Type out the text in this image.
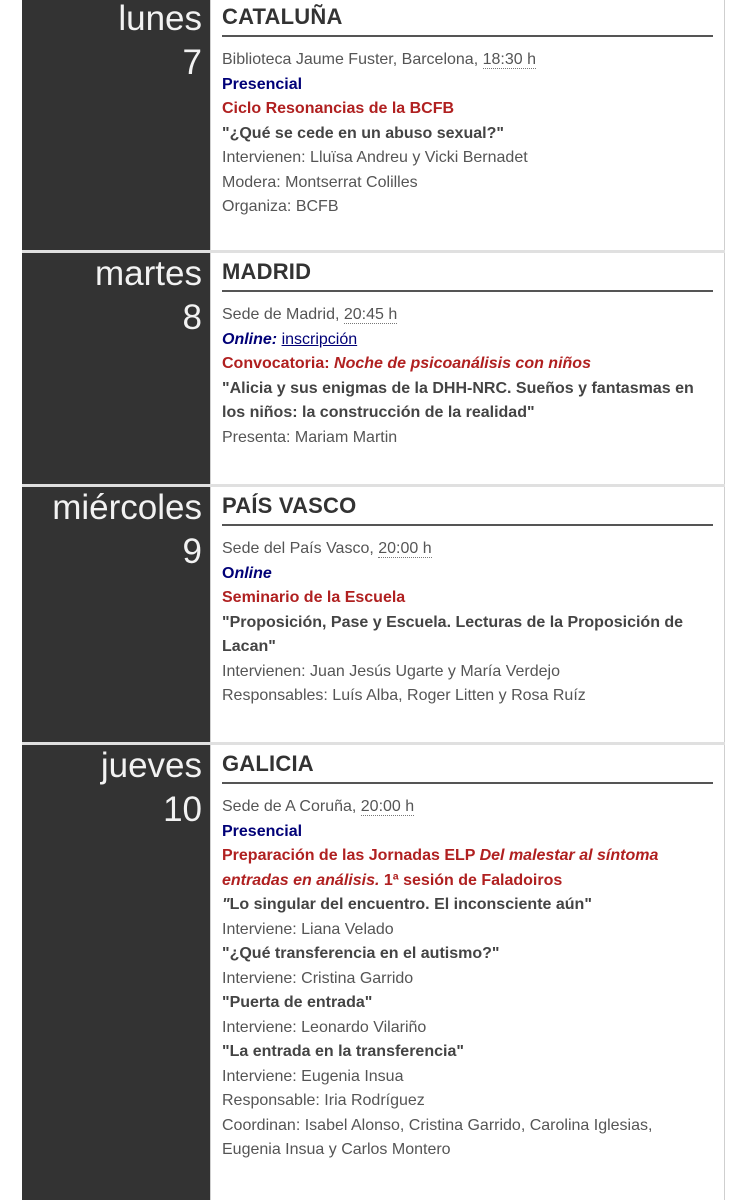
lunes
7
CATALUÑA
Biblioteca Jaume Fuster, Barcelona, 18:30 h
Presencial
Ciclo Resonancias de la BCFB
"¿Qué se cede en un abuso sexual?"
Intervienen: Lluïsa Andreu y Vicki Bernadet
Modera: Montserrat Colilles
Organiza: BCFB
martes
8
MADRID
Sede de Madrid, 20:45 h
Online: inscripción
Convocatoria: Noche de psicoanálisis con niños
"Alicia y sus enigmas de la DHH-NRC. Sueños y fantasmas en
los niños: la construcción de la realidad"
Presenta: Mariam Martin
miércoles
9
PAÍS VASCO
Sede del País Vasco, 20:00 h
Online
Seminario de la Escuela
"Proposición, Pase y Escuela. Lecturas de la Proposición de
Lacan"
Intervienen: Juan Jesús Ugarte y María Verdejo
Responsables: Luís Alba, Roger Litten y Rosa Ruíz
jueves
10
GALICIA
Sede de A Coruña, 20:00 h
Presencial
Preparación de las Jornadas ELP Del malestar al síntoma
entradas en análisis. 1ª sesión de Faladoiros
"Lo singular del encuentro. El inconsciente aún"
Interviene: Liana Velado
"¿Qué transferencia en el autismo?"
Interviene: Cristina Garrido
"Puerta de entrada"
Interviene: Leonardo Vilariño
"La entrada en la transferencia"
Interviene: Eugenia Insua
Responsable: Iria Rodríguez
Coordinan: Isabel Alonso, Cristina Garrido, Carolina Iglesias,
Eugenia Insua y Carlos Montero
